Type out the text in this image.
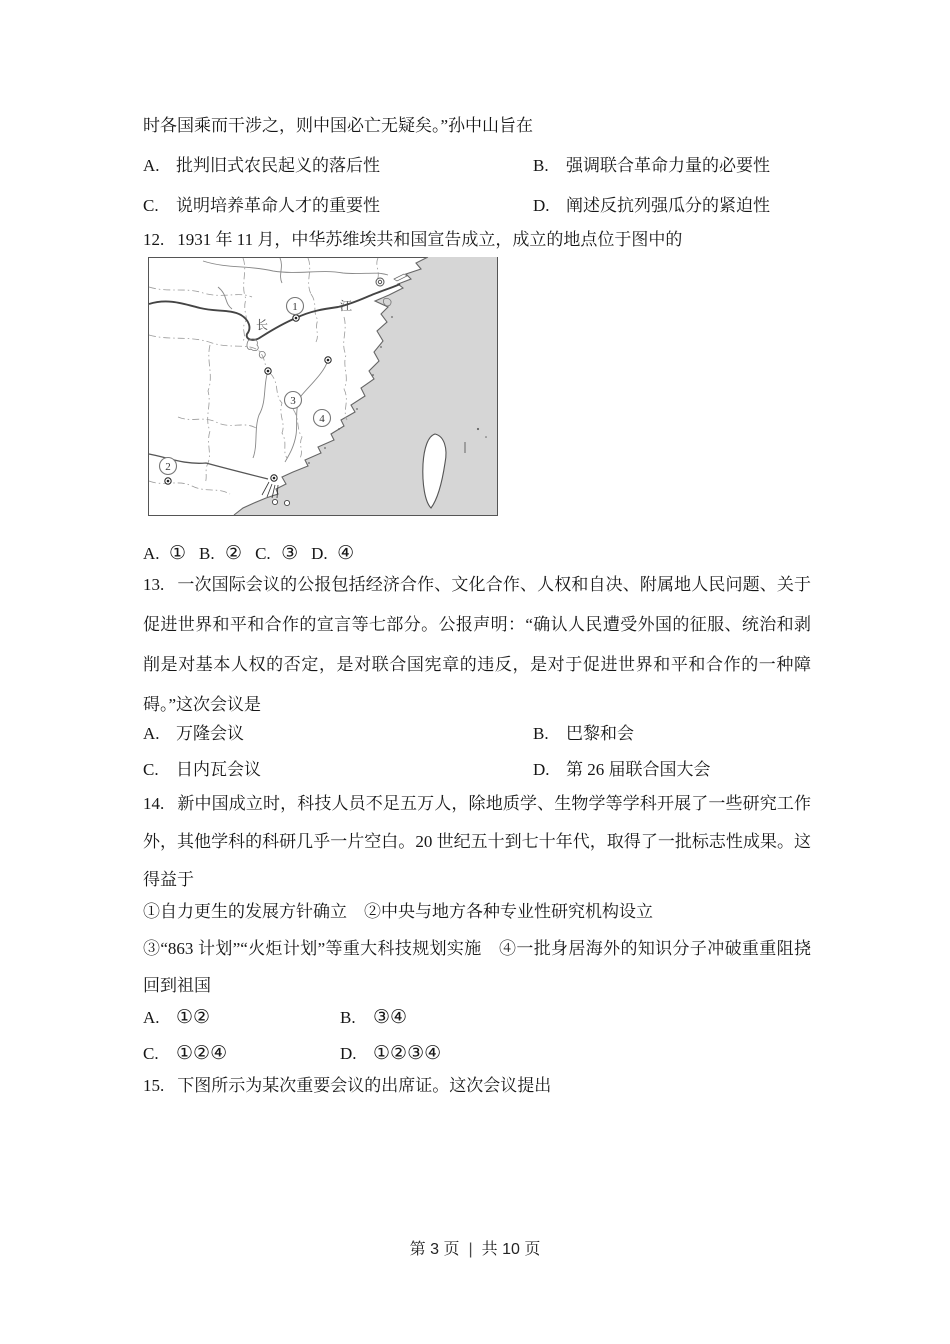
时各国乘而干涉之，则中国必亡无疑矣。”孙中山旨在

A. 批判旧式农民起义的落后性	B. 强调联合革命力量的必要性
C. 说明培养革命人才的重要性	D. 阐述反抗列强瓜分的紧迫性

12. 1931 年 11 月，中华苏维埃共和国宣告成立，成立的地点位于图中的

1
2
3
4
长
江
A. ① B. ② C. ③ D. ④

13. 一次国际会议的公报包括经济合作、文化合作、人权和自决、附属地人民问题、关于促进世界和平和合作的宣言等七部分。公报声明：“确认人民遭受外国的征服、统治和剥削是对基本人权的否定，是对联合国宪章的违反，是对于促进世界和平和合作的一种障碍。”这次会议是

A. 万隆会议	B. 巴黎和会
C. 日内瓦会议	D. 第 26 届联合国大会

14. 新中国成立时，科技人员不足五万人，除地质学、生物学等学科开展了一些研究工作外，其他学科的科研几乎一片空白。20 世纪五十到七十年代，取得了一批标志性成果。这得益于

①自力更生的发展方针确立 ②中央与地方各种专业性研究机构设立

③“863 计划”“火炬计划”等重大科技规划实施　④一批身居海外的知识分子冲破重重阻挠回到祖国

A. ①②	B. ③④
C. ①②④	D. ①②③④

15. 下图所示为某次重要会议的出席证。这次会议提出

第 3 页 | 共 10 页
